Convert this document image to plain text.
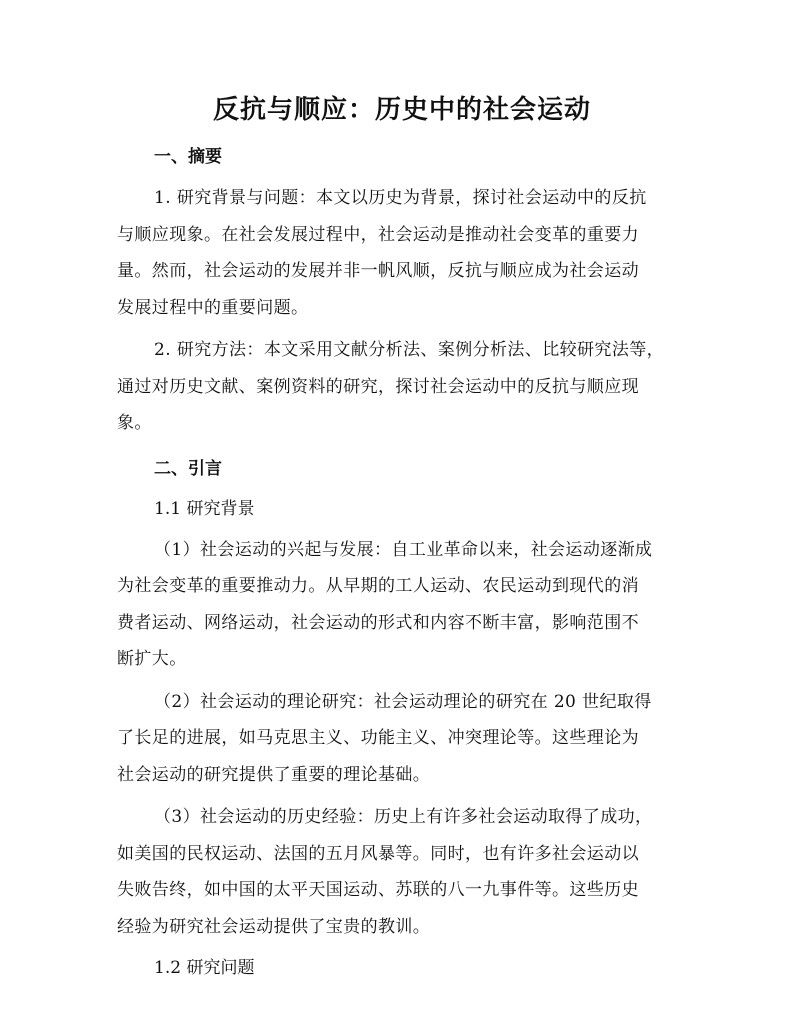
反抗与顺应：历史中的社会运动
一、摘要

1. 研究背景与问题：本文以历史为背景，探讨社会运动中的反抗
与顺应现象。在社会发展过程中，社会运动是推动社会变革的重要力
量。然而，社会运动的发展并非一帆风顺，反抗与顺应成为社会运动
发展过程中的重要问题。

2. 研究方法：本文采用文献分析法、案例分析法、比较研究法等，
通过对历史文献、案例资料的研究，探讨社会运动中的反抗与顺应现
象。

二、引言
1.1 研究背景

（1）社会运动的兴起与发展：自工业革命以来，社会运动逐渐成
为社会变革的重要推动力。从早期的工人运动、农民运动到现代的消
费者运动、网络运动，社会运动的形式和内容不断丰富，影响范围不
断扩大。

（2）社会运动的理论研究：社会运动理论的研究在 20 世纪取得
了长足的进展，如马克思主义、功能主义、冲突理论等。这些理论为
社会运动的研究提供了重要的理论基础。

（3）社会运动的历史经验：历史上有许多社会运动取得了成功，
如美国的民权运动、法国的五月风暴等。同时，也有许多社会运动以
失败告终，如中国的太平天国运动、苏联的八一九事件等。这些历史
经验为研究社会运动提供了宝贵的教训。

1.2 研究问题
